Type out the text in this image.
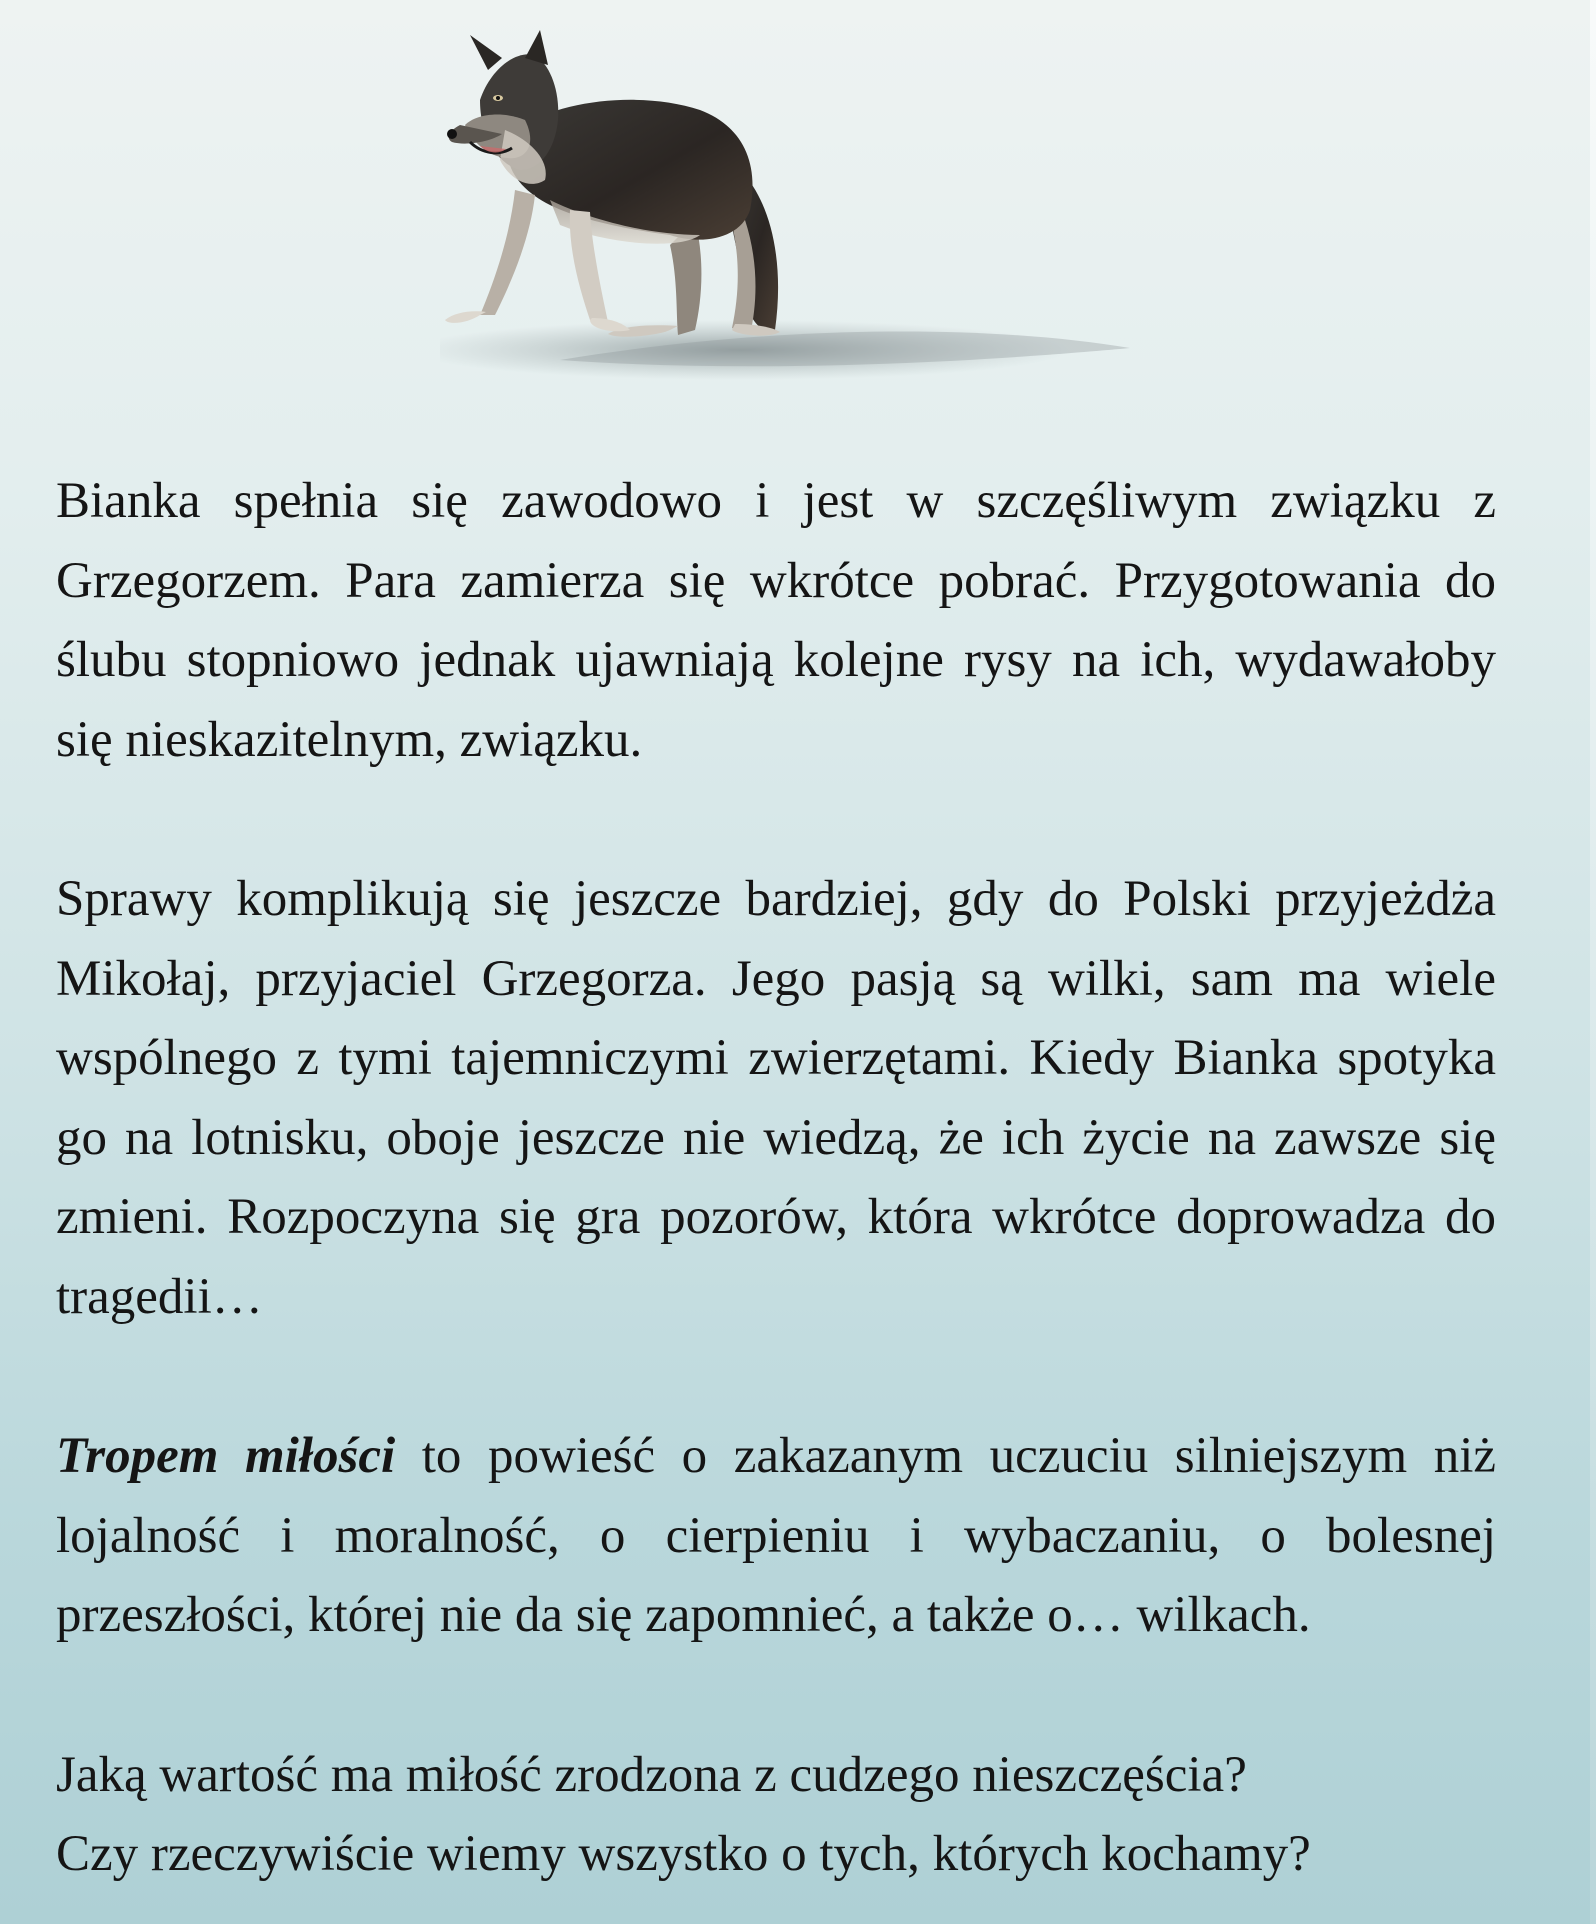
Bianka spełnia się zawodowo i jest w szczęśliwym związku z Grzegorzem. Para zamierza się wkrótce pobrać. Przygotowania do ślubu stopniowo jednak ujawniają kolejne rysy na ich, wydawałoby się nieskazitelnym, związku.

Sprawy komplikują się jeszcze bardziej, gdy do Polski przyjeżdża Mikołaj, przyjaciel Grzegorza. Jego pasją są wilki, sam ma wiele wspólnego z tymi tajemniczymi zwierzętami. Kiedy Bianka spotyka go na lotnisku, oboje jeszcze nie wiedzą, że ich życie na zawsze się zmieni. Rozpoczyna się gra pozorów, która wkrótce doprowadza do tragedii…

Tropem miłości to powieść o zakazanym uczuciu silniejszym niż lojalność i moralność, o cierpieniu i wybaczaniu, o bolesnej przeszłości, której nie da się zapomnieć, a także o… wilkach.

Jaką wartość ma miłość zrodzona z cudzego nieszczęścia?
Czy rzeczywiście wiemy wszystko o tych, których kochamy?
